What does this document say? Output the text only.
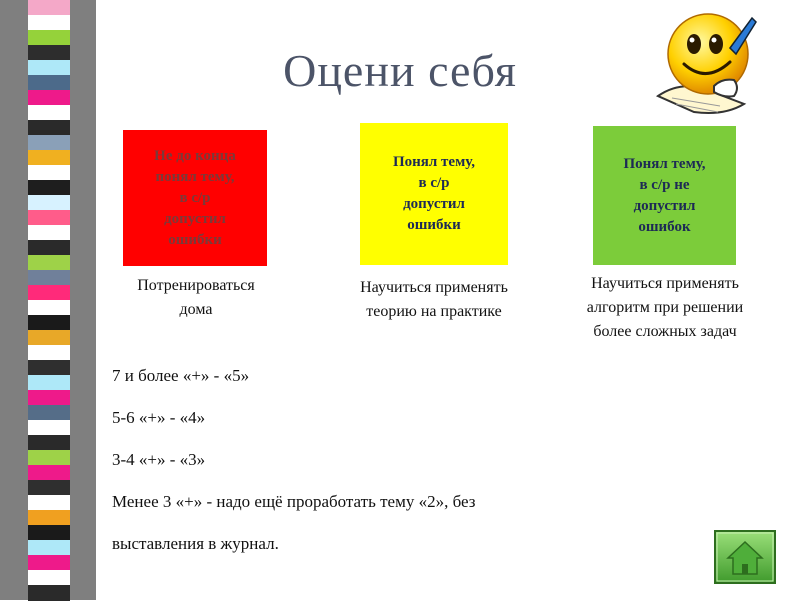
Оцени себя
Не до конца
понял тему,
в с/р
допустил
ошибки
Понял тему,
в с/р
допустил
ошибки
Понял тему,
в с/р не
допустил
ошибок
Потренироваться
дома
Научиться применять
теорию на практике
Научиться применять
алгоритм при решении
более сложных задач
7 и более «+» - «5»
5-6 «+» - «4»
3-4 «+» - «3»
Менее 3 «+» - надо ещё проработать тему «2», без
выставления в журнал.
